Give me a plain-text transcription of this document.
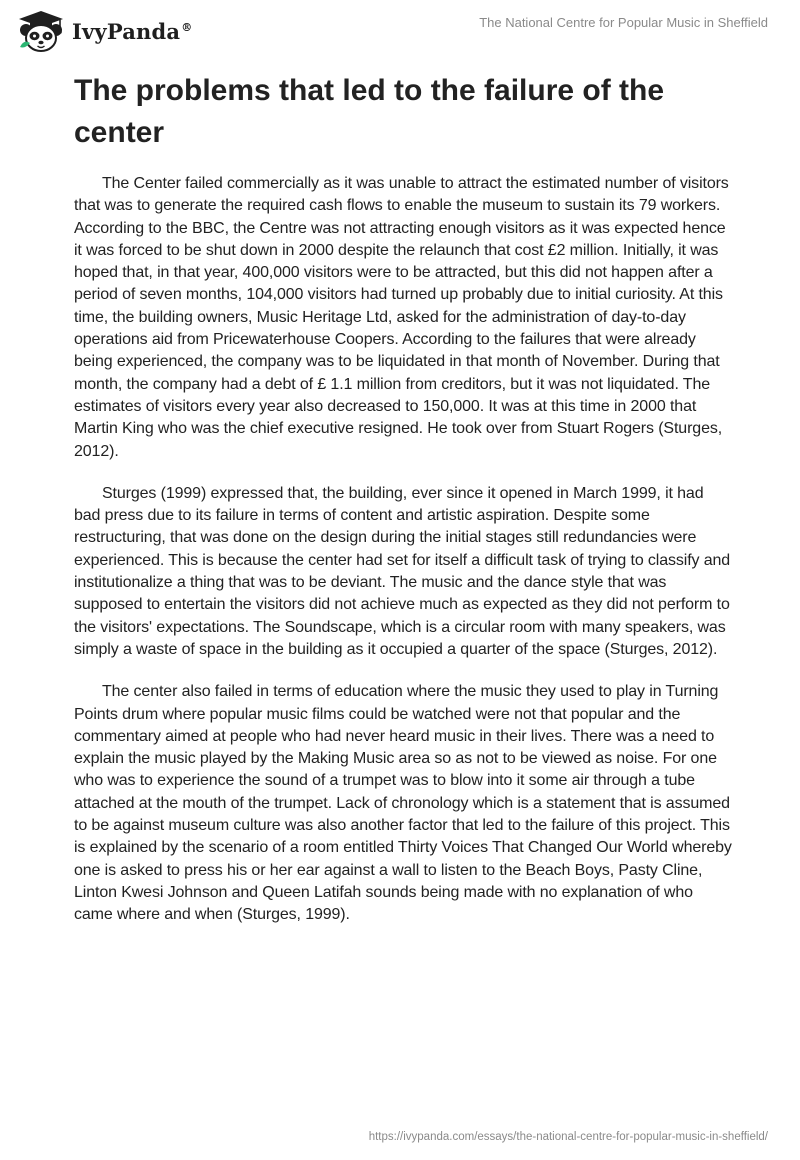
IvyPanda®	The National Centre for Popular Music in Sheffield
The problems that led to the failure of the center

The Center failed commercially as it was unable to attract the estimated number of visitors that was to generate the required cash flows to enable the museum to sustain its 79 workers. According to the BBC, the Centre was not attracting enough visitors as it was expected hence it was forced to be shut down in 2000 despite the relaunch that cost £2 million. Initially, it was hoped that, in that year, 400,000 visitors were to be attracted, but this did not happen after a period of seven months, 104,000 visitors had turned up probably due to initial curiosity. At this time, the building owners, Music Heritage Ltd, asked for the administration of day-to-day operations aid from Pricewaterhouse Coopers. According to the failures that were already being experienced, the company was to be liquidated in that month of November. During that month, the company had a debt of £ 1.1 million from creditors, but it was not liquidated. The estimates of visitors every year also decreased to 150,000. It was at this time in 2000 that Martin King who was the chief executive resigned. He took over from Stuart Rogers (Sturges, 2012).

Sturges (1999) expressed that, the building, ever since it opened in March 1999, it had bad press due to its failure in terms of content and artistic aspiration. Despite some restructuring, that was done on the design during the initial stages still redundancies were experienced. This is because the center had set for itself a difficult task of trying to classify and institutionalize a thing that was to be deviant. The music and the dance style that was supposed to entertain the visitors did not achieve much as expected as they did not perform to the visitors' expectations. The Soundscape, which is a circular room with many speakers, was simply a waste of space in the building as it occupied a quarter of the space (Sturges, 2012).

The center also failed in terms of education where the music they used to play in Turning Points drum where popular music films could be watched were not that popular and the commentary aimed at people who had never heard music in their lives. There was a need to explain the music played by the Making Music area so as not to be viewed as noise. For one who was to experience the sound of a trumpet was to blow into it some air through a tube attached at the mouth of the trumpet. Lack of chronology which is a statement that is assumed to be against museum culture was also another factor that led to the failure of this project. This is explained by the scenario of a room entitled Thirty Voices That Changed Our World whereby one is asked to press his or her ear against a wall to listen to the Beach Boys, Pasty Cline, Linton Kwesi Johnson and Queen Latifah sounds being made with no explanation of who came where and when (Sturges, 1999).

https://ivypanda.com/essays/the-national-centre-for-popular-music-in-sheffield/
